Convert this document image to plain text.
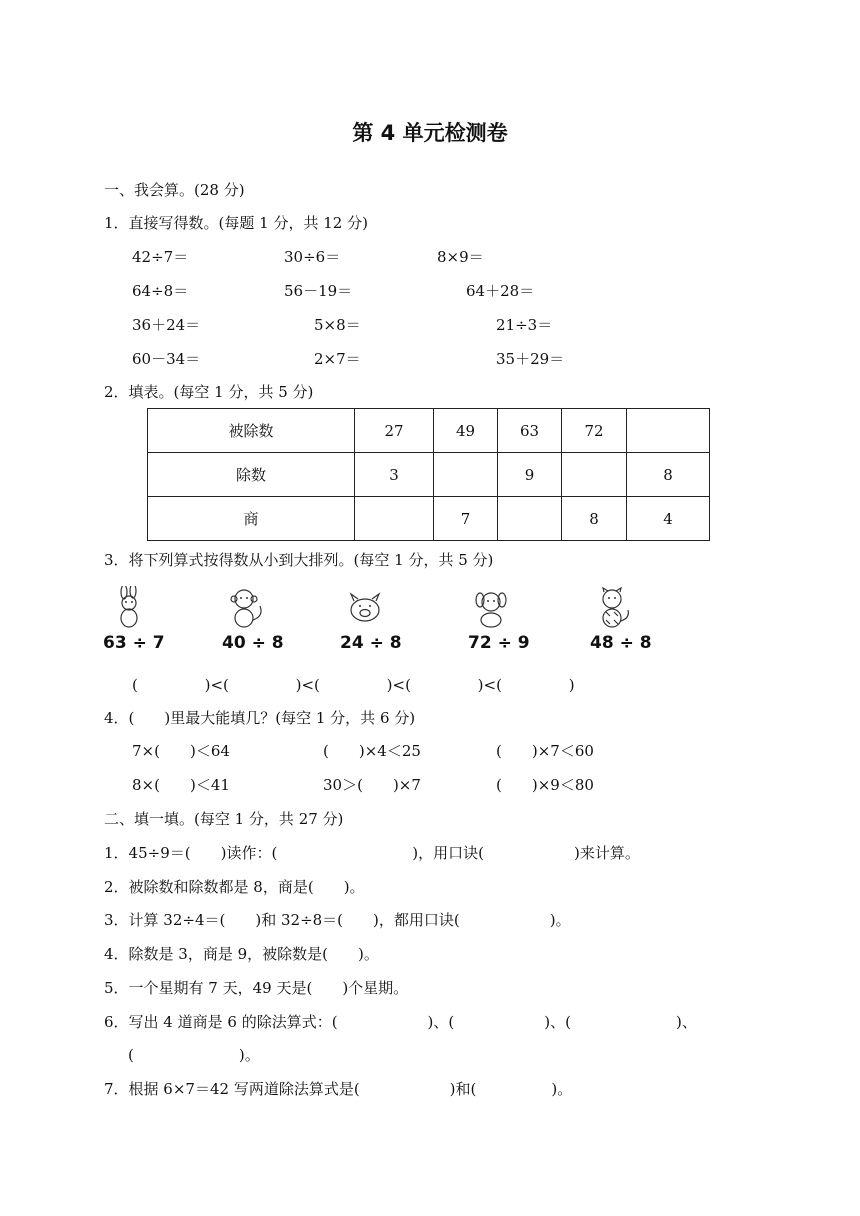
第 4 单元检测卷
一、我会算。(28 分)
1．直接写得数。(每题 1 分，共 12 分)
42÷7＝	30÷6＝	8×9＝
64÷8＝	56－19＝	64＋28＝
36＋24＝	5×8＝	21÷3＝
60－34＝	2×7＝	35＋29＝
2．填表。(每空 1 分，共 5 分)
被除数	27	49	63	72	
除数	3		9		8
商		7		8	4
3．将下列算式按得数从小到大排列。(每空 1 分，共 5 分)
63 ÷ 7	40 ÷ 8	24 ÷ 8	72 ÷ 9	48 ÷ 8
(              )<(              )<(              )<(              )<(              )
4．(　　)里最大能填几？(每空 1 分，共 6 分)
7×(　　)＜64	(　　)×4＜25	(　　)×7＜60
8×(　　)＜41	30＞(　　)×7	(　　)×9＜80
二、填一填。(每空 1 分，共 27 分)
1．45÷9＝(　　)读作：(　　　　　　　　　)，用口诀(　　　　　　)来计算。
2．被除数和除数都是 8，商是(　　)。
3．计算 32÷4＝(　　)和 32÷8＝(　　)，都用口诀(　　　　　　)。
4．除数是 3，商是 9，被除数是(　　)。
5．一个星期有 7 天，49 天是(　　)个星期。
6．写出 4 道商是 6 的除法算式：(　　　　　　)、(　　　　　　)、(　　　　　　　)、
(　　　　　　　)。
7．根据 6×7＝42 写两道除法算式是(　　　　　　)和(　　　　　)。
